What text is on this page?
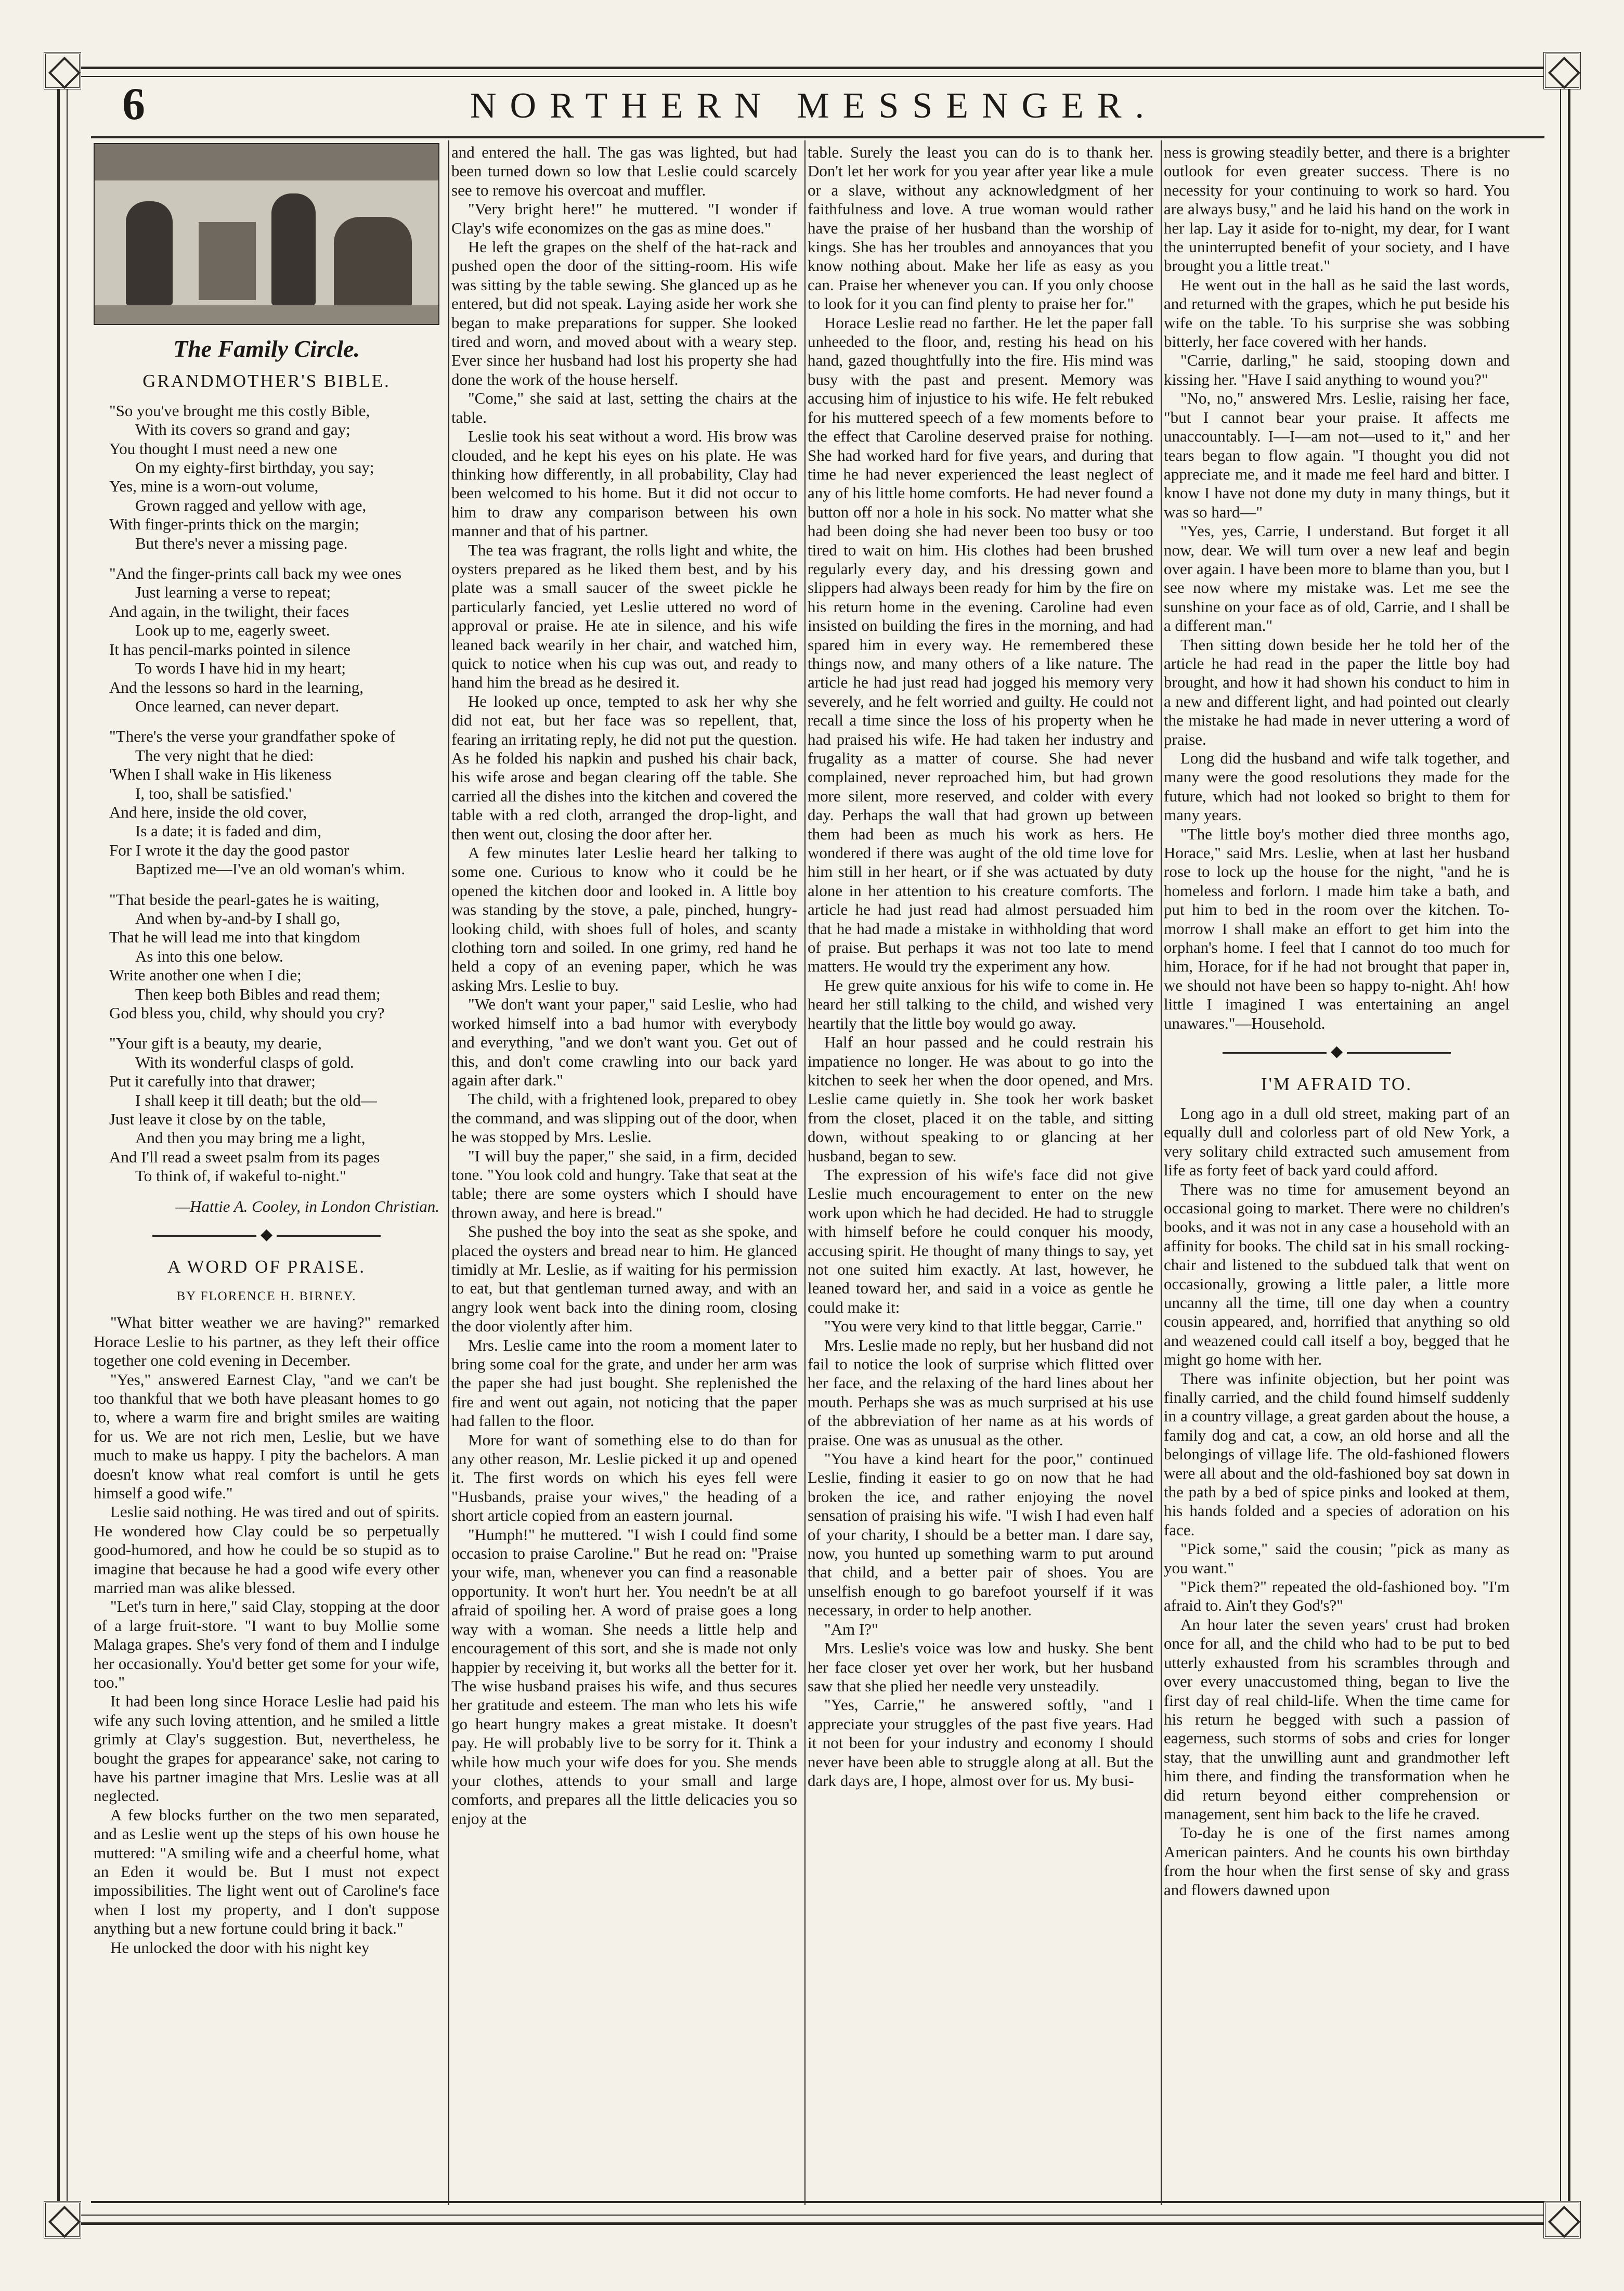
6	NORTHERN MESSENGER.
The Family Circle.
GRANDMOTHER'S BIBLE.
"So you've brought me this costly Bible,
With its covers so grand and gay;
You thought I must need a new one
On my eighty-first birthday, you say;
Yes, mine is a worn-out volume,
Grown ragged and yellow with age,
With finger-prints thick on the margin;
But there's never a missing page.
"And the finger-prints call back my wee ones
Just learning a verse to repeat;
And again, in the twilight, their faces
Look up to me, eagerly sweet.
It has pencil-marks pointed in silence
To words I have hid in my heart;
And the lessons so hard in the learning,
Once learned, can never depart.
"There's the verse your grandfather spoke of
The very night that he died:
'When I shall wake in His likeness
I, too, shall be satisfied.'
And here, inside the old cover,
Is a date; it is faded and dim,
For I wrote it the day the good pastor
Baptized me—I've an old woman's whim.
"That beside the pearl-gates he is waiting,
And when by-and-by I shall go,
That he will lead me into that kingdom
As into this one below.
Write another one when I die;
Then keep both Bibles and read them;
God bless you, child, why should you cry?
"Your gift is a beauty, my dearie,
With its wonderful clasps of gold.
Put it carefully into that drawer;
I shall keep it till death; but the old—
Just leave it close by on the table,
And then you may bring me a light,
And I'll read a sweet psalm from its pages
To think of, if wakeful to-night."
—Hattie A. Cooley, in London Christian.
◆
A WORD OF PRAISE.
BY FLORENCE H. BIRNEY.

"What bitter weather we are having?" remarked Horace Leslie to his partner, as they left their office together one cold evening in December.

"Yes," answered Earnest Clay, "and we can't be too thankful that we both have pleasant homes to go to, where a warm fire and bright smiles are waiting for us. We are not rich men, Leslie, but we have much to make us happy. I pity the bachelors. A man doesn't know what real comfort is until he gets himself a good wife."

Leslie said nothing. He was tired and out of spirits. He wondered how Clay could be so perpetually good-humored, and how he could be so stupid as to imagine that because he had a good wife every other married man was alike blessed.

"Let's turn in here," said Clay, stopping at the door of a large fruit-store. "I want to buy Mollie some Malaga grapes. She's very fond of them and I indulge her occasionally. You'd better get some for your wife, too."

It had been long since Horace Leslie had paid his wife any such loving attention, and he smiled a little grimly at Clay's suggestion. But, nevertheless, he bought the grapes for appearance' sake, not caring to have his partner imagine that Mrs. Leslie was at all neglected.

A few blocks further on the two men separated, and as Leslie went up the steps of his own house he muttered: "A smiling wife and a cheerful home, what an Eden it would be. But I must not expect impossibilities. The light went out of Caroline's face when I lost my property, and I don't suppose anything but a new fortune could bring it back."

He unlocked the door with his night key

and entered the hall. The gas was lighted, but had been turned down so low that Leslie could scarcely see to remove his overcoat and muffler.

"Very bright here!" he muttered. "I wonder if Clay's wife economizes on the gas as mine does."

He left the grapes on the shelf of the hat-rack and pushed open the door of the sitting-room. His wife was sitting by the table sewing. She glanced up as he entered, but did not speak. Laying aside her work she began to make preparations for supper. She looked tired and worn, and moved about with a weary step. Ever since her husband had lost his property she had done the work of the house herself.

"Come," she said at last, setting the chairs at the table.

Leslie took his seat without a word. His brow was clouded, and he kept his eyes on his plate. He was thinking how differently, in all probability, Clay had been welcomed to his home. But it did not occur to him to draw any comparison between his own manner and that of his partner.

The tea was fragrant, the rolls light and white, the oysters prepared as he liked them best, and by his plate was a small saucer of the sweet pickle he particularly fancied, yet Leslie uttered no word of approval or praise. He ate in silence, and his wife leaned back wearily in her chair, and watched him, quick to notice when his cup was out, and ready to hand him the bread as he desired it.

He looked up once, tempted to ask her why she did not eat, but her face was so repellent, that, fearing an irritating reply, he did not put the question. As he folded his napkin and pushed his chair back, his wife arose and began clearing off the table. She carried all the dishes into the kitchen and covered the table with a red cloth, arranged the drop-light, and then went out, closing the door after her.

A few minutes later Leslie heard her talking to some one. Curious to know who it could be he opened the kitchen door and looked in. A little boy was standing by the stove, a pale, pinched, hungry-looking child, with shoes full of holes, and scanty clothing torn and soiled. In one grimy, red hand he held a copy of an evening paper, which he was asking Mrs. Leslie to buy.

"We don't want your paper," said Leslie, who had worked himself into a bad humor with everybody and everything, "and we don't want you. Get out of this, and don't come crawling into our back yard again after dark."

The child, with a frightened look, prepared to obey the command, and was slipping out of the door, when he was stopped by Mrs. Leslie.

"I will buy the paper," she said, in a firm, decided tone. "You look cold and hungry. Take that seat at the table; there are some oysters which I should have thrown away, and here is bread."

She pushed the boy into the seat as she spoke, and placed the oysters and bread near to him. He glanced timidly at Mr. Leslie, as if waiting for his permission to eat, but that gentleman turned away, and with an angry look went back into the dining room, closing the door violently after him.

Mrs. Leslie came into the room a moment later to bring some coal for the grate, and under her arm was the paper she had just bought. She replenished the fire and went out again, not noticing that the paper had fallen to the floor.

More for want of something else to do than for any other reason, Mr. Leslie picked it up and opened it. The first words on which his eyes fell were "Husbands, praise your wives," the heading of a short article copied from an eastern journal.

"Humph!" he muttered. "I wish I could find some occasion to praise Caroline." But he read on: "Praise your wife, man, whenever you can find a reasonable opportunity. It won't hurt her. You needn't be at all afraid of spoiling her. A word of praise goes a long way with a woman. She needs a little help and encouragement of this sort, and she is made not only happier by receiving it, but works all the better for it. The wise husband praises his wife, and thus secures her gratitude and esteem. The man who lets his wife go heart hungry makes a great mistake. It doesn't pay. He will probably live to be sorry for it. Think a while how much your wife does for you. She mends your clothes, attends to your small and large comforts, and prepares all the little delicacies you so enjoy at the

table. Surely the least you can do is to thank her. Don't let her work for you year after year like a mule or a slave, without any acknowledgment of her faithfulness and love. A true woman would rather have the praise of her husband than the worship of kings. She has her troubles and annoyances that you know nothing about. Make her life as easy as you can. Praise her whenever you can. If you only choose to look for it you can find plenty to praise her for."

Horace Leslie read no farther. He let the paper fall unheeded to the floor, and, resting his head on his hand, gazed thoughtfully into the fire. His mind was busy with the past and present. Memory was accusing him of injustice to his wife. He felt rebuked for his muttered speech of a few moments before to the effect that Caroline deserved praise for nothing. She had worked hard for five years, and during that time he had never experienced the least neglect of any of his little home comforts. He had never found a button off nor a hole in his sock. No matter what she had been doing she had never been too busy or too tired to wait on him. His clothes had been brushed regularly every day, and his dressing gown and slippers had always been ready for him by the fire on his return home in the evening. Caroline had even insisted on building the fires in the morning, and had spared him in every way. He remembered these things now, and many others of a like nature. The article he had just read had jogged his memory very severely, and he felt worried and guilty. He could not recall a time since the loss of his property when he had praised his wife. He had taken her industry and frugality as a matter of course. She had never complained, never reproached him, but had grown more silent, more reserved, and colder with every day. Perhaps the wall that had grown up between them had been as much his work as hers. He wondered if there was aught of the old time love for him still in her heart, or if she was actuated by duty alone in her attention to his creature comforts. The article he had just read had almost persuaded him that he had made a mistake in withholding that word of praise. But perhaps it was not too late to mend matters. He would try the experiment any how.

He grew quite anxious for his wife to come in. He heard her still talking to the child, and wished very heartily that the little boy would go away.

Half an hour passed and he could restrain his impatience no longer. He was about to go into the kitchen to seek her when the door opened, and Mrs. Leslie came quietly in. She took her work basket from the closet, placed it on the table, and sitting down, without speaking to or glancing at her husband, began to sew.

The expression of his wife's face did not give Leslie much encouragement to enter on the new work upon which he had decided. He had to struggle with himself before he could conquer his moody, accusing spirit. He thought of many things to say, yet not one suited him exactly. At last, however, he leaned toward her, and said in a voice as gentle he could make it:

"You were very kind to that little beggar, Carrie."

Mrs. Leslie made no reply, but her husband did not fail to notice the look of surprise which flitted over her face, and the relaxing of the hard lines about her mouth. Perhaps she was as much surprised at his use of the abbreviation of her name as at his words of praise. One was as unusual as the other.

"You have a kind heart for the poor," continued Leslie, finding it easier to go on now that he had broken the ice, and rather enjoying the novel sensation of praising his wife. "I wish I had even half of your charity, I should be a better man. I dare say, now, you hunted up something warm to put around that child, and a better pair of shoes. You are unselfish enough to go barefoot yourself if it was necessary, in order to help another.

"Am I?"

Mrs. Leslie's voice was low and husky. She bent her face closer yet over her work, but her husband saw that she plied her needle very unsteadily.

"Yes, Carrie," he answered softly, "and I appreciate your struggles of the past five years. Had it not been for your industry and economy I should never have been able to struggle along at all. But the dark days are, I hope, almost over for us. My busi-

ness is growing steadily better, and there is a brighter outlook for even greater success. There is no necessity for your continuing to work so hard. You are always busy," and he laid his hand on the work in her lap. Lay it aside for to-night, my dear, for I want the uninterrupted benefit of your society, and I have brought you a little treat."

He went out in the hall as he said the last words, and returned with the grapes, which he put beside his wife on the table. To his surprise she was sobbing bitterly, her face covered with her hands.

"Carrie, darling," he said, stooping down and kissing her. "Have I said anything to wound you?"

"No, no," answered Mrs. Leslie, raising her face, "but I cannot bear your praise. It affects me unaccountably. I—I—am not—used to it," and her tears began to flow again. "I thought you did not appreciate me, and it made me feel hard and bitter. I know I have not done my duty in many things, but it was so hard—"

"Yes, yes, Carrie, I understand. But forget it all now, dear. We will turn over a new leaf and begin over again. I have been more to blame than you, but I see now where my mistake was. Let me see the sunshine on your face as of old, Carrie, and I shall be a different man."

Then sitting down beside her he told her of the article he had read in the paper the little boy had brought, and how it had shown his conduct to him in a new and different light, and had pointed out clearly the mistake he had made in never uttering a word of praise.

Long did the husband and wife talk together, and many were the good resolutions they made for the future, which had not looked so bright to them for many years.

"The little boy's mother died three months ago, Horace," said Mrs. Leslie, when at last her husband rose to lock up the house for the night, "and he is homeless and forlorn. I made him take a bath, and put him to bed in the room over the kitchen. To-morrow I shall make an effort to get him into the orphan's home. I feel that I cannot do too much for him, Horace, for if he had not brought that paper in, we should not have been so happy to-night. Ah! how little I imagined I was entertaining an angel unawares."—Household.

◆
I'M AFRAID TO.

Long ago in a dull old street, making part of an equally dull and colorless part of old New York, a very solitary child extracted such amusement from life as forty feet of back yard could afford.

There was no time for amusement beyond an occasional going to market. There were no children's books, and it was not in any case a household with an affinity for books. The child sat in his small rocking-chair and listened to the subdued talk that went on occasionally, growing a little paler, a little more uncanny all the time, till one day when a country cousin appeared, and, horrified that anything so old and weazened could call itself a boy, begged that he might go home with her.

There was infinite objection, but her point was finally carried, and the child found himself suddenly in a country village, a great garden about the house, a family dog and cat, a cow, an old horse and all the belongings of village life. The old-fashioned flowers were all about and the old-fashioned boy sat down in the path by a bed of spice pinks and looked at them, his hands folded and a species of adoration on his face.

"Pick some," said the cousin; "pick as many as you want."

"Pick them?" repeated the old-fashioned boy. "I'm afraid to. Ain't they God's?"

An hour later the seven years' crust had broken once for all, and the child who had to be put to bed utterly exhausted from his scrambles through and over every unaccustomed thing, began to live the first day of real child-life. When the time came for his return he begged with such a passion of eagerness, such storms of sobs and cries for longer stay, that the unwilling aunt and grandmother left him there, and finding the transformation when he did return beyond either comprehension or management, sent him back to the life he craved.

To-day he is one of the first names among American painters. And he counts his own birthday from the hour when the first sense of sky and grass and flowers dawned upon
